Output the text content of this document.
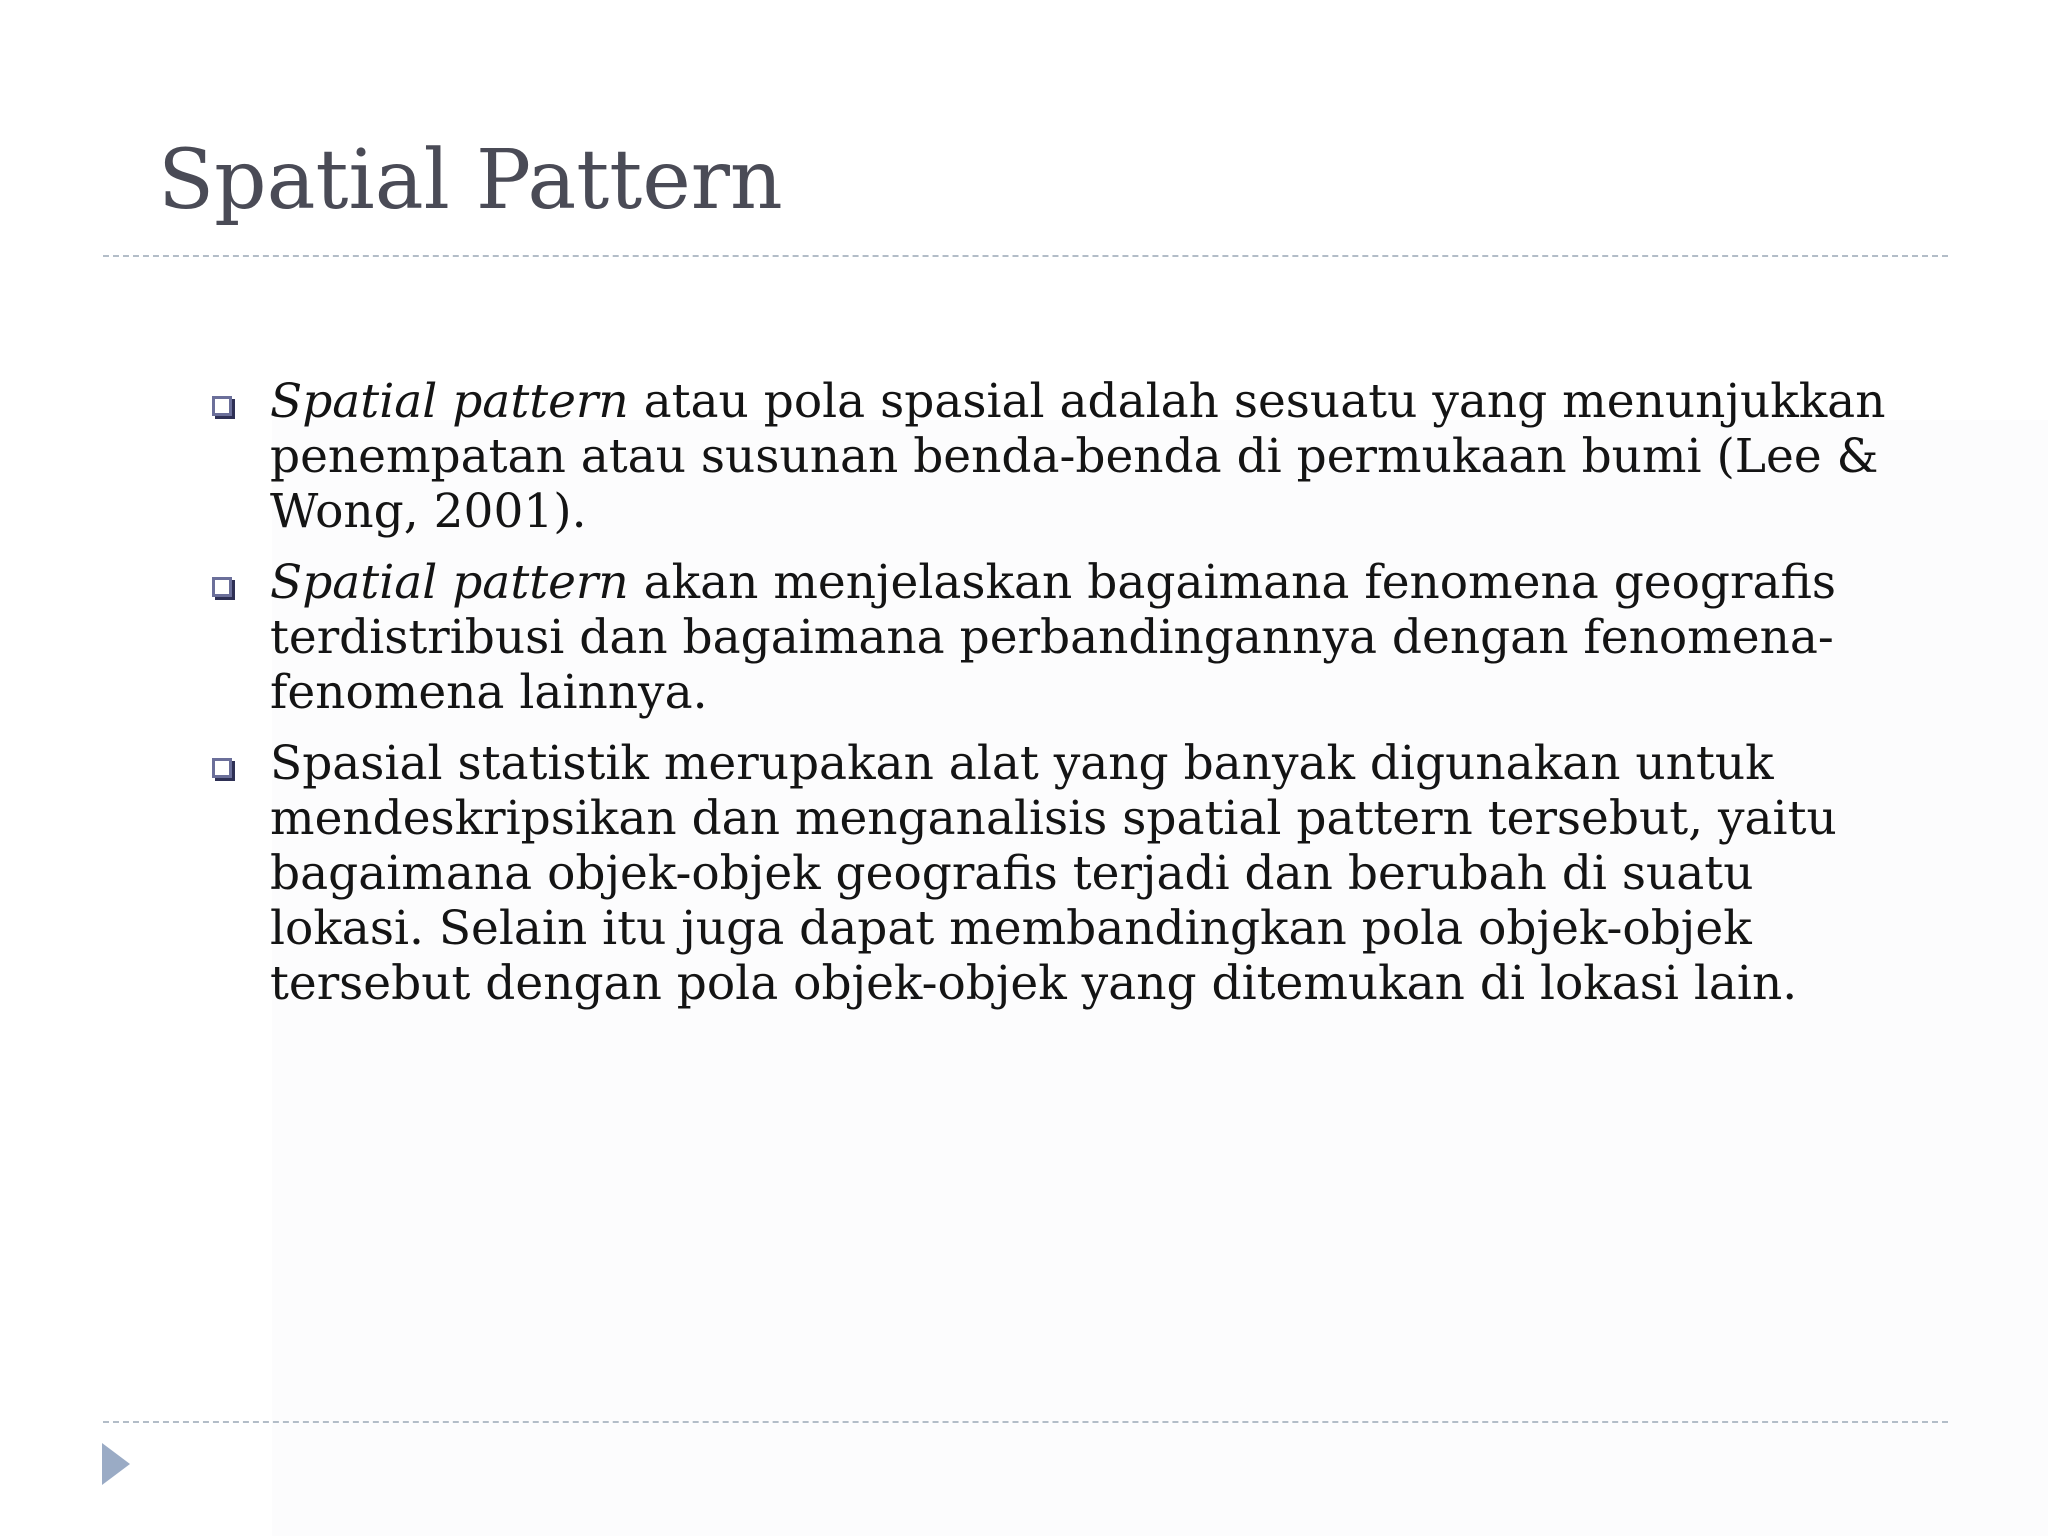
Spatial Pattern
Spatial pattern atau pola spasial adalah sesuatu yang menunjukkan penempatan atau susunan benda-benda di permukaan bumi (Lee & Wong, 2001).
Spatial pattern akan menjelaskan bagaimana fenomena geografis terdistribusi dan bagaimana perbandingannya dengan fenomena-fenomena lainnya.
Spasial statistik merupakan alat yang banyak digunakan untuk mendeskripsikan dan menganalisis spatial pattern tersebut, yaitu bagaimana objek-objek geografis terjadi dan berubah di suatu lokasi. Selain itu juga dapat membandingkan pola objek-objek tersebut dengan pola objek-objek yang ditemukan di lokasi lain.
